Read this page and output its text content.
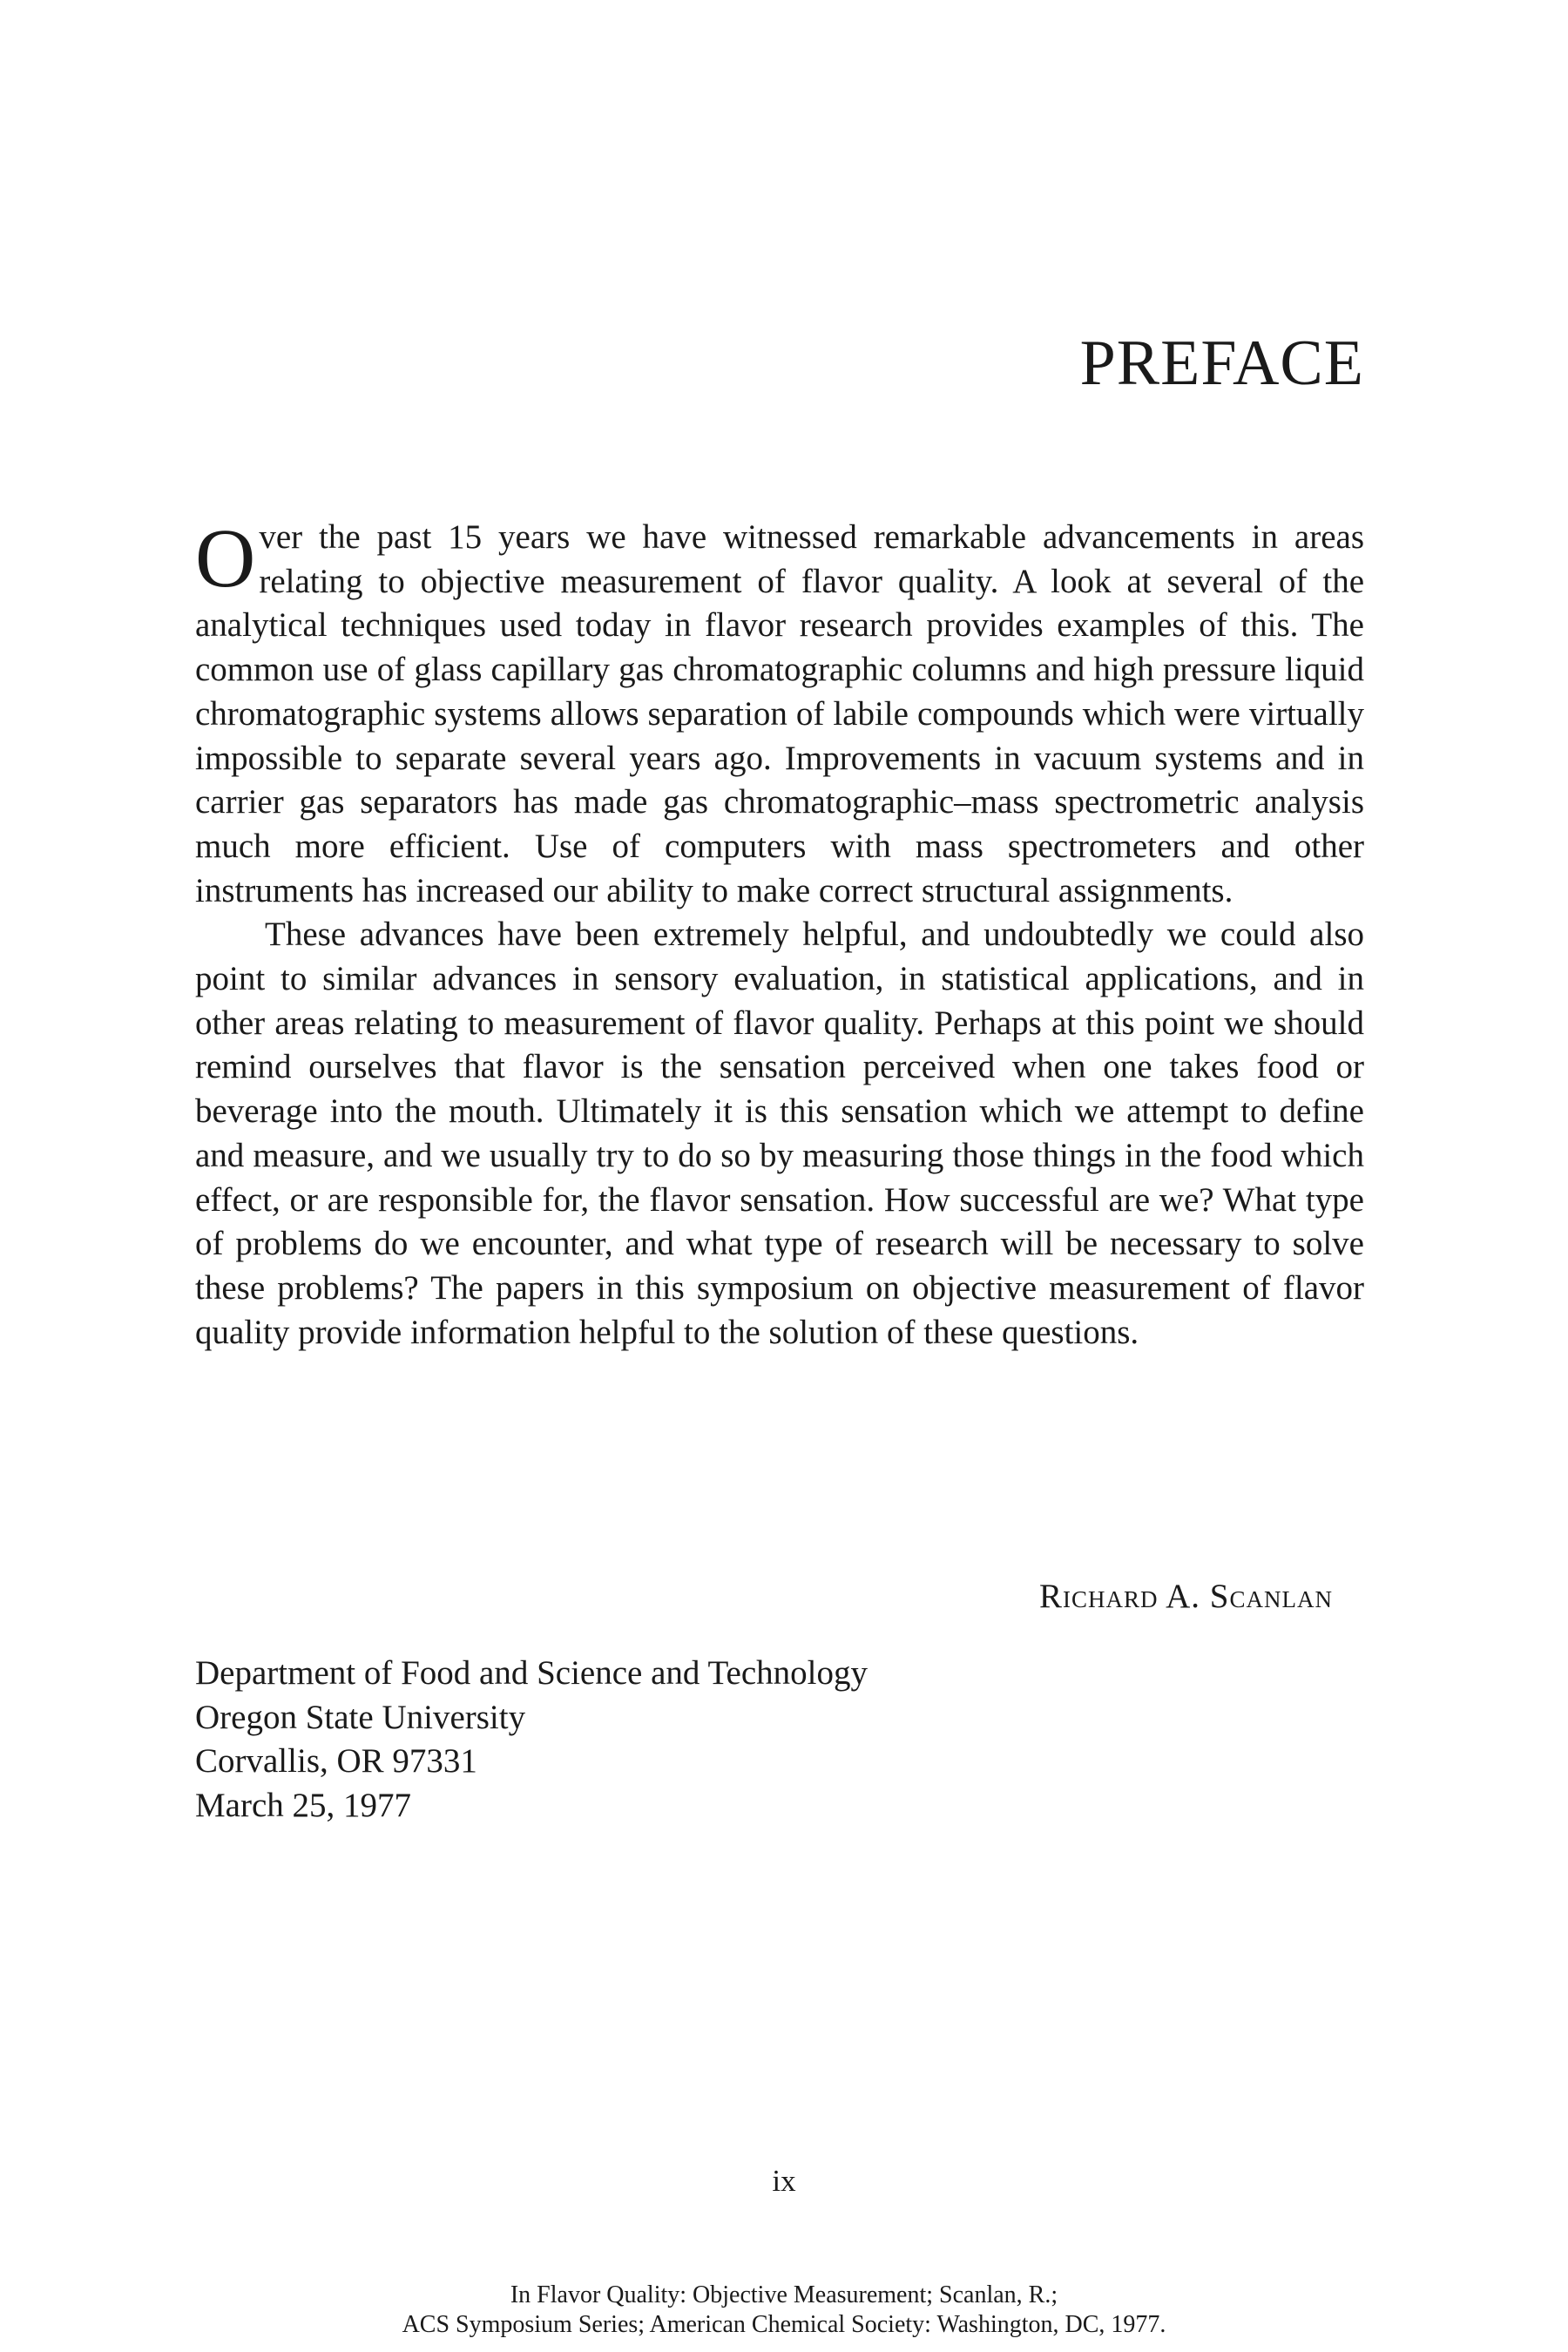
PREFACE

Over the past 15 years we have witnessed remarkable advancements in areas relating to objective measurement of flavor quality. A look at several of the analytical techniques used today in flavor research provides examples of this. The common use of glass capillary gas chromatographic columns and high pressure liquid chromatographic systems allows separation of labile compounds which were virtually impossible to separate several years ago. Improvements in vacuum systems and in carrier gas separators has made gas chromatographic–mass spectrometric analysis much more efficient. Use of computers with mass spectrometers and other instruments has increased our ability to make correct structural assignments.

These advances have been extremely helpful, and undoubtedly we could also point to similar advances in sensory evaluation, in statistical applications, and in other areas relating to measurement of flavor quality. Perhaps at this point we should remind ourselves that flavor is the sensation perceived when one takes food or beverage into the mouth. Ultimately it is this sensation which we attempt to define and measure, and we usually try to do so by measuring those things in the food which effect, or are responsible for, the flavor sensation. How successful are we? What type of problems do we encounter, and what type of research will be necessary to solve these problems? The papers in this symposium on objective measurement of flavor quality provide information helpful to the solution of these questions.

Richard A. Scanlan
Department of Food and Science and Technology
Oregon State University
Corvallis, OR 97331
March 25, 1977
ix
In Flavor Quality: Objective Measurement; Scanlan, R.;
ACS Symposium Series; American Chemical Society: Washington, DC, 1977.
